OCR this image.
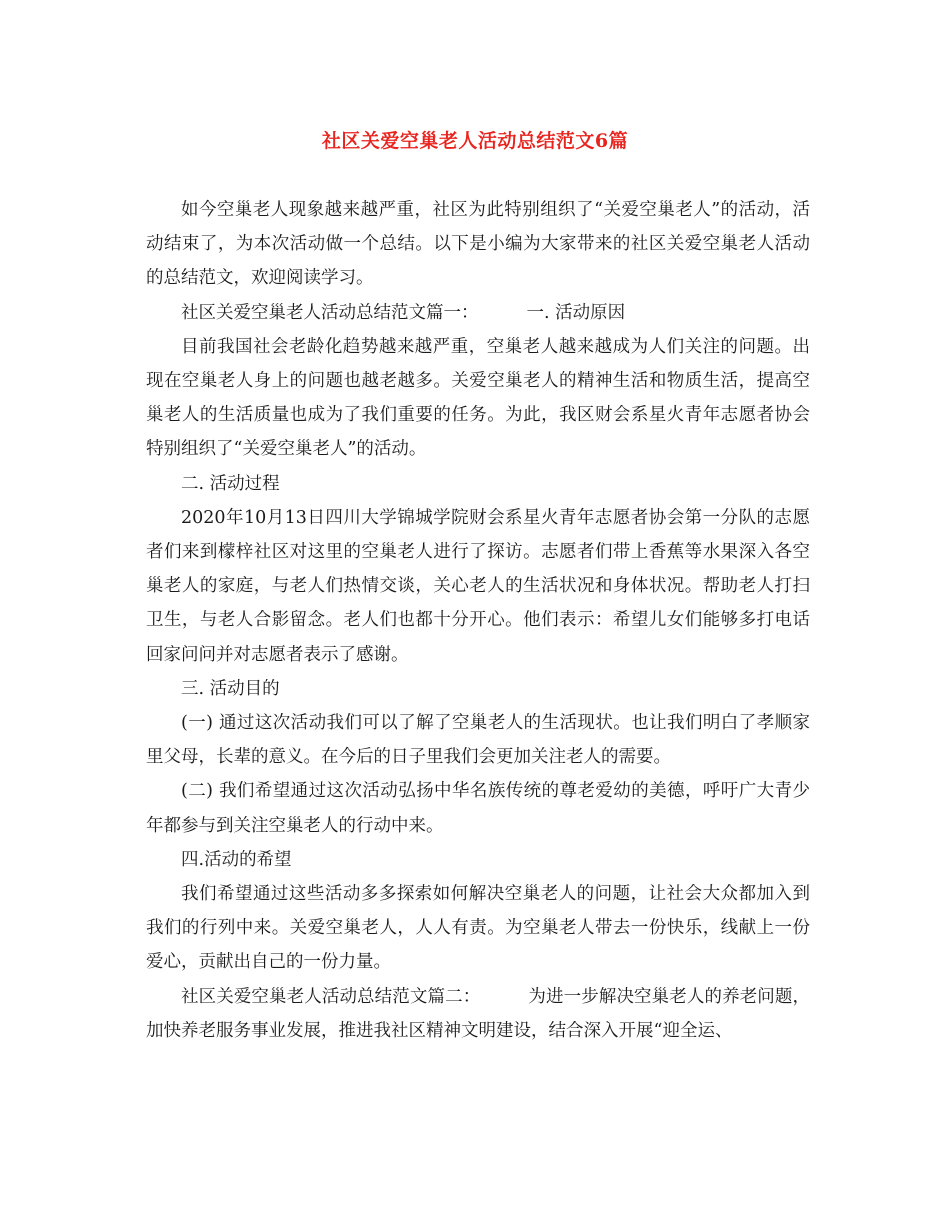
社区关爱空巢老人活动总结范文6篇

如今空巢老人现象越来越严重，社区为此特别组织了“关爱空巢老人”的活动，活动结束了，为本次活动做一个总结。以下是小编为大家带来的社区关爱空巢老人活动的总结范文，欢迎阅读学习。

社区关爱空巢老人活动总结范文篇一：	一. 活动原因

目前我国社会老龄化趋势越来越严重，空巢老人越来越成为人们关注的问题。出现在空巢老人身上的问题也越老越多。关爱空巢老人的精神生活和物质生活，提高空巢老人的生活质量也成为了我们重要的任务。为此，我区财会系星火青年志愿者协会特别组织了“关爱空巢老人”的活动。

二. 活动过程

2020年10月13日四川大学锦城学院财会系星火青年志愿者协会第一分队的志愿者们来到檬梓社区对这里的空巢老人进行了探访。志愿者们带上香蕉等水果深入各空巢老人的家庭，与老人们热情交谈，关心老人的生活状况和身体状况。帮助老人打扫卫生，与老人合影留念。老人们也都十分开心。他们表示：希望儿女们能够多打电话回家问问并对志愿者表示了感谢。

三. 活动目的

(一) 通过这次活动我们可以了解了空巢老人的生活现状。也让我们明白了孝顺家里父母，长辈的意义。在今后的日子里我们会更加关注老人的需要。

(二) 我们希望通过这次活动弘扬中华名族传统的尊老爱幼的美德，呼吁广大青少年都参与到关注空巢老人的行动中来。

四.活动的希望

我们希望通过这些活动多多探索如何解决空巢老人的问题，让社会大众都加入到我们的行列中来。关爱空巢老人，人人有责。为空巢老人带去一份快乐，线献上一份爱心，贡献出自己的一份力量。

社区关爱空巢老人活动总结范文篇二：	为进一步解决空巢老人的养老问题，加快养老服务事业发展，推进我社区精神文明建设，结合深入开展“迎全运、
